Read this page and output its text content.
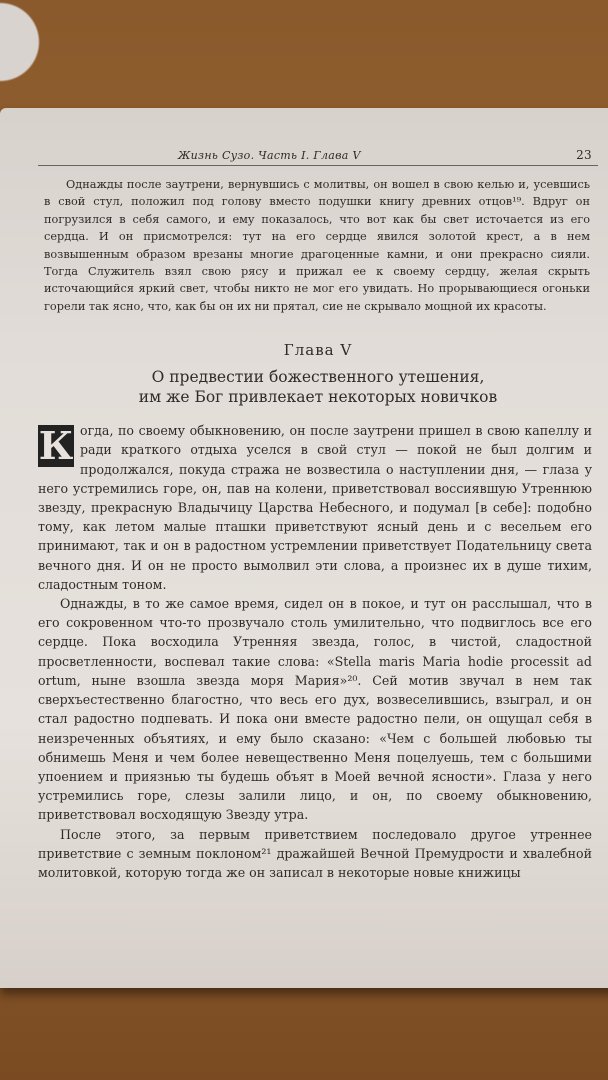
Жизнь Сузо. Часть I. Глава V	23
Однажды после заутрени, вернувшись с молитвы, он вошел в свою келью и, усевшись в свой стул, положил под голову вместо подушки книгу древних отцов¹⁹. Вдруг он погрузился в себя самого, и ему показалось, что вот как бы свет источается из его сердца. И он присмотрелся: тут на его сердце явился золотой крест, а в нем возвышенным образом врезаны многие драгоценные камни, и они прекрасно сияли. Тогда Служитель взял свою рясу и прижал ее к своему сердцу, желая скрыть источающийся яркий свет, чтобы никто не мог его увидать. Но прорывающиеся огоньки горели так ясно, что, как бы он их ни прятал, сие не скрывало мощной их красоты.
Глава V
О предвестии божественного утешения,
им же Бог привлекает некоторых новичков

К огда, по своему обыкновению, он после заутрени пришел в свою капеллу и ради краткого отдыха уселся в свой стул — покой не был долгим и продолжался, покуда стража не возвестила о наступлении дня, — глаза у него устремились горе, он, пав на колени, приветствовал воссиявшую Утреннюю звезду, прекрасную Владычицу Царства Небесного, и подумал [в себе]: подобно тому, как летом малые пташки приветствуют ясный день и с весельем его принимают, так и он в радостном устремлении приветствует Подательницу света вечного дня. И он не просто вымолвил эти слова, а произнес их в душе тихим, сладостным тоном.

Однажды, в то же самое время, сидел он в покое, и тут он расслышал, что в его сокровенном что-то прозвучало столь умилительно, что подвиглось все его сердце. Пока восходила Утренняя звезда, голос, в чистой, сладостной просветленности, воспевал такие слова: «Stella maris Maria hodie processit ad ortum, ныне взошла звезда моря Мария»²⁰. Сей мотив звучал в нем так сверхъестественно благостно, что весь его дух, возвеселившись, взыграл, и он стал радостно подпевать. И пока они вместе радостно пели, он ощущал себя в неизреченных объятиях, и ему было сказано: «Чем с большей любовью ты обнимешь Меня и чем более невещественно Меня поцелуешь, тем с большими упоением и приязнью ты будешь объят в Моей вечной ясности». Глаза у него устремились горе, слезы залили лицо, и он, по своему обыкновению, приветствовал восходящую Звезду утра.

После этого, за первым приветствием последовало другое утреннее приветствие с земным поклоном²¹ дражайшей Вечной Премудрости и хвалебной молитовкой, которую тогда же он записал в некоторые новые книжицы
